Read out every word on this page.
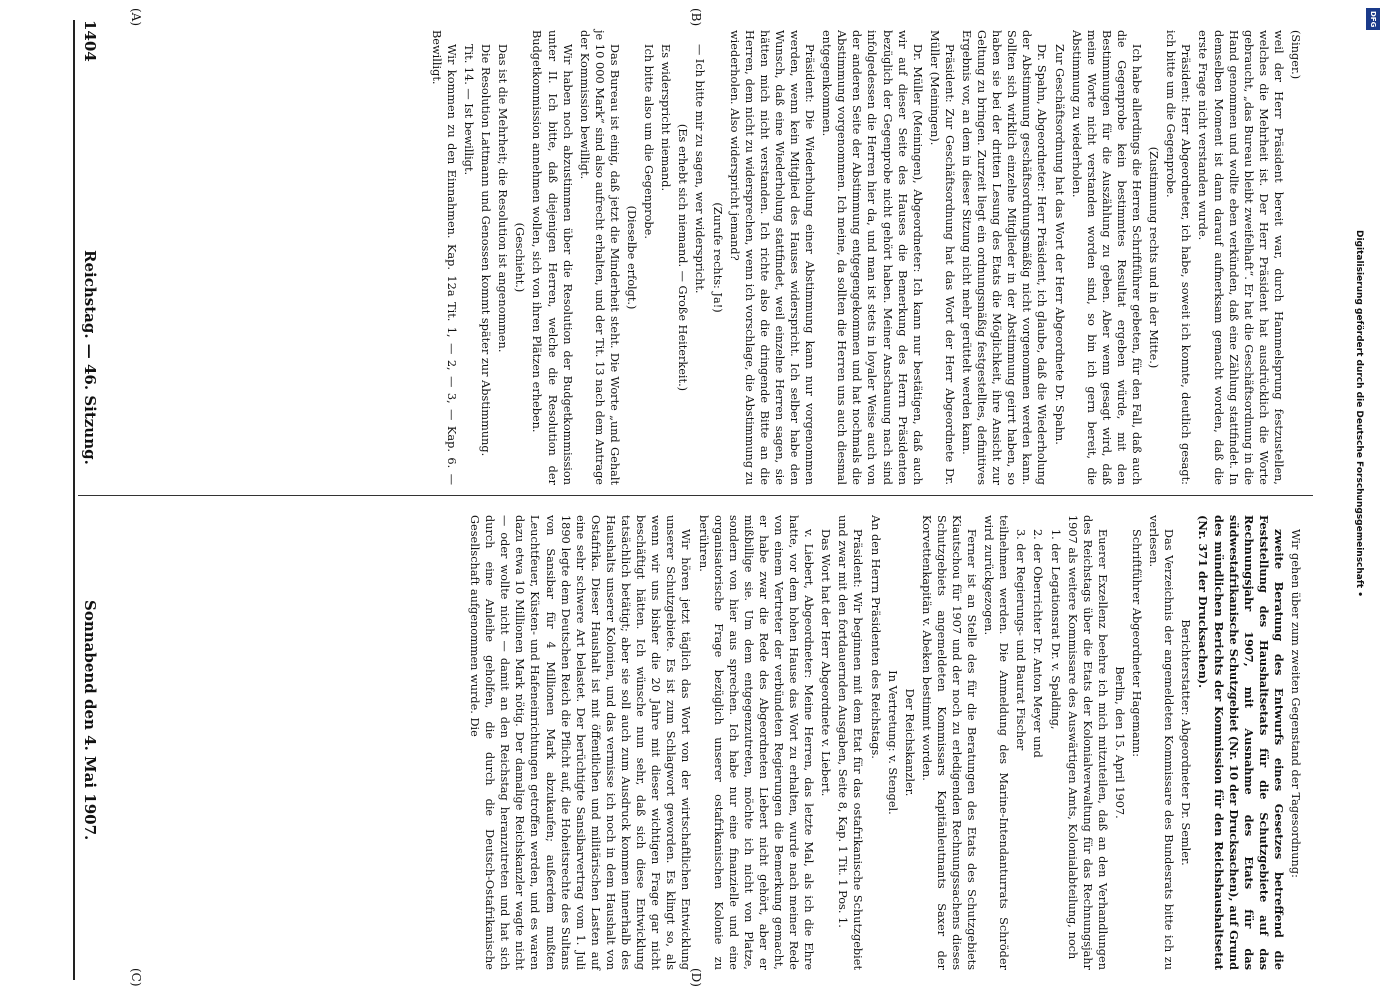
DFG
Digitalisierung gefördert durch die Deutsche Forschungsgemeinschaft •
1404
Reichstag. — 46. Sitzung.
Sonnabend den 4. Mai 1907.
(A)	(B)
(C)	(D)

(Singer.)

weil der Herr Präsident bereit war, durch Hammelsprung festzustellen, welches die Mehrheit ist. Der Herr Präsident hat ausdrücklich die Worte gebraucht, „das Bureau bleibt zweifelhaft“. Er hat die Geschäftsordnung in die Hand genommen und wollte eben verkünden, daß eine Zählung stattfindet. In demselben Moment ist dann darauf aufmerksam gemacht worden, daß die erste Frage nicht verstanden wurde.

Präsident: Herr Abgeordneter, ich habe, soweit ich konnte, deutlich gesagt: ich bitte um die Gegenprobe.

(Zustimmung rechts und in der Mitte.)

Ich habe allerdings die Herren Schriftführer gebeten, für den Fall, daß auch die Gegenprobe kein bestimmtes Resultat ergeben würde, mit den Bestimmungen für die Auszählung zu geben. Aber wenn gesagt wird, daß meine Worte nicht verstanden worden sind, so bin ich gern bereit, die Abstimmung zu wiederholen.

Zur Geschäftsordnung hat das Wort der Herr Abgeordnete Dr. Spahn.

Dr. Spahn, Abgeordneter: Herr Präsident, ich glaube, daß die Wiederholung der Abstimmung geschäftsordnungsmäßig nicht vorgenommen werden kann. Sollten sich wirklich einzelne Mitglieder in der Abstimmung geirrt haben, so haben sie bei der dritten Lesung des Etats die Möglichkeit, ihre Ansicht zur Geltung zu bringen. Zurzeit liegt ein ordnungsmäßig festgestelltes, definitives Ergebnis vor, an dem in dieser Sitzung nicht mehr gerüttelt werden kann.

Präsident: Zur Geschäftsordnung hat das Wort der Herr Abgeordnete Dr. Müller (Meiningen).

Dr. Müller (Meiningen), Abgeordneter: Ich kann nur bestätigen, daß auch wir auf dieser Seite des Hauses die Bemerkung des Herrn Präsidenten bezüglich der Gegenprobe nicht gehört haben. Meiner Anschauung nach sind infolgedessen die Herren hier da, und man ist stets in loyaler Weise auch von der anderen Seite der Abstimmung entgegengekommen und hat nochmals die Abstimmung vorgenommen. Ich meine, da sollten die Herren uns auch diesmal entgegenkommen.

Präsident: Die Wiederholung einer Abstimmung kann nur vorgenommen werden, wenn kein Mitglied des Hauses widerspricht. Ich selber habe den Wunsch, daß eine Wiederholung stattfindet, weil einzelne Herren sagen, sie hätten mich nicht verstanden. Ich richte also die dringende Bitte an die Herren, dem nicht zu widersprechen, wenn ich vorschlage, die Abstimmung zu wiederholen. Also widerspricht jemand?

(Zurufe rechts: Ja!)

— Ich bitte mir zu sagen, wer widerspricht.

(Es erhebt sich niemand. — Große Heiterkeit.)

Es widerspricht niemand.

Ich bitte also um die Gegenprobe.

(Dieselbe erfolgt.)

Das Bureau ist einig, daß jetzt die Minderheit steht. Die Worte „und Gehalt je 10 000 Mark“ sind also aufrecht erhalten, und der Tit. 13 nach dem Antrage der Kommission bewilligt.

Wir haben noch abzustimmen über die Resolution der Budgetkommission unter II. Ich bitte, daß diejenigen Herren, welche die Resolution der Budgetkommission annehmen wollen, sich von ihren Plätzen erheben.

(Geschieht.)

Das ist die Mehrheit; die Resolution ist angenommen.

Die Resolution Lattmann und Genossen kommt später zur Abstimmung.

Tit. 14. — Ist bewilligt.

Wir kommen zu den Einnahmen. Kap. 12a Tit. 1, — 2, — 3, — Kap. 6. — Bewilligt.

Wir gehen über zum zweiten Gegenstand der Tagesordnung:

zweite Beratung des Entwurfs eines Gesetzes betreffend die Feststellung des Haushaltsetats für die Schutzgebiete auf das Rechnungsjahr 1907, mit Ausnahme des Etats für das südwestafrikanische Schutzgebiet (Nr. 10 der Drucksachen), auf Grund des mündlichen Berichts der Kommission für den Reichshaushaltsetat (Nr. 371 der Drucksachen).

Berichterstatter: Abgeordneter Dr. Semler.

Das Verzeichnis der angemeldeten Kommissare des Bundesrats bitte ich zu verlesen.

Schriftführer Abgeordneter Hagemann:

Berlin, den 15. April 1907.

Euerer Exzellenz beehre ich mich mitzuteilen, daß an den Verhandlungen des Reichstags über die Etats der Kolonialverwaltung für das Rechnungsjahr 1907 als weitere Kommissare des Auswärtigen Amts, Kolonialabteilung, noch

1. der Legationsrat Dr. v. Spalding,

2. der Oberrichter Dr. Anton Meyer und

3. der Regierungs- und Baurat Fischer

teilnehmen werden. Die Anmeldung des Marine-Intendanturrats Schröder wird zurückgezogen.

Ferner ist an Stelle des für die Beratungen des Etats des Schutzgebiets Kiautschou für 1907 und der noch zu erledigenden Rechnungssachens dieses Schutzgebiets angemeldeten Kommissars Kapitänleutnants Saxer der Korvettenkapitän v. Abeken bestimmt worden.

Der Reichskanzler.

In Vertretung: v. Stengel.

An den Herrn Präsidenten des Reichstags.

Präsident: Wir beginnen mit dem Etat für das ostafrikanische Schutzgebiet und zwar mit den fortdauernden Ausgaben, Seite 8, Kap. 1 Tit. 1 Pos. 1.

Das Wort hat der Herr Abgeordnete v. Liebert.

v. Liebert, Abgeordneter: Meine Herren, das letzte Mal, als ich die Ehre hatte, vor dem hohen Hause das Wort zu erhalten, wurde nach meiner Rede von einem Vertreter der verbündeten Regierungen die Bemerkung gemacht, er habe zwar die Rede des Abgeordneten Liebert nicht gehört, aber er mißbillige sie. Um dem entgegenzutreten, möchte ich nicht von Platze, sondern von hier aus sprechen. Ich habe nur eine finanzielle und eine organisatorische Frage bezüglich unserer ostafrikanischen Kolonie zu berühren.

Wir hören jetzt täglich das Wort von der wirtschaftlichen Entwicklung unserer Schutzgebiete. Es ist zum Schlagwort geworden. Es klingt so, als wenn wir uns bisher die 20 Jahre mit dieser wichtigen Frage gar nicht beschäftigt hätten. Ich wünsche nun sehr, daß sich diese Entwicklung tatsächlich betätigt; aber sie soll auch zum Ausdruck kommen innerhalb des Haushalts unserer Kolonien, und das vermisse ich noch in dem Haushalt von Ostafrika. Dieser Haushalt ist mit öffentlichen und militärischen Lasten auf eine sehr schwere Art belastet. Der berüchtigte Sansibarvertrag vom 1. Juli 1890 legte dem Deutschen Reich die Pflicht auf, die Hoheitsrechte des Sultans von Sansibar für 4 Millionen Mark abzukaufen; außerdem mußten Leuchtfeuer, Küsten- und Hafeneinrichtungen getroffen werden, und es waren dazu etwa 10 Millionen Mark nötig. Der damalige Reichskanzler wagte nicht — oder wollte nicht — damit an den Reichstag heranzutreten und hat sich durch eine Anleihe geholfen, die durch die Deutsch-Ostafrikanische Gesellschaft aufgenommen wurde. Die
